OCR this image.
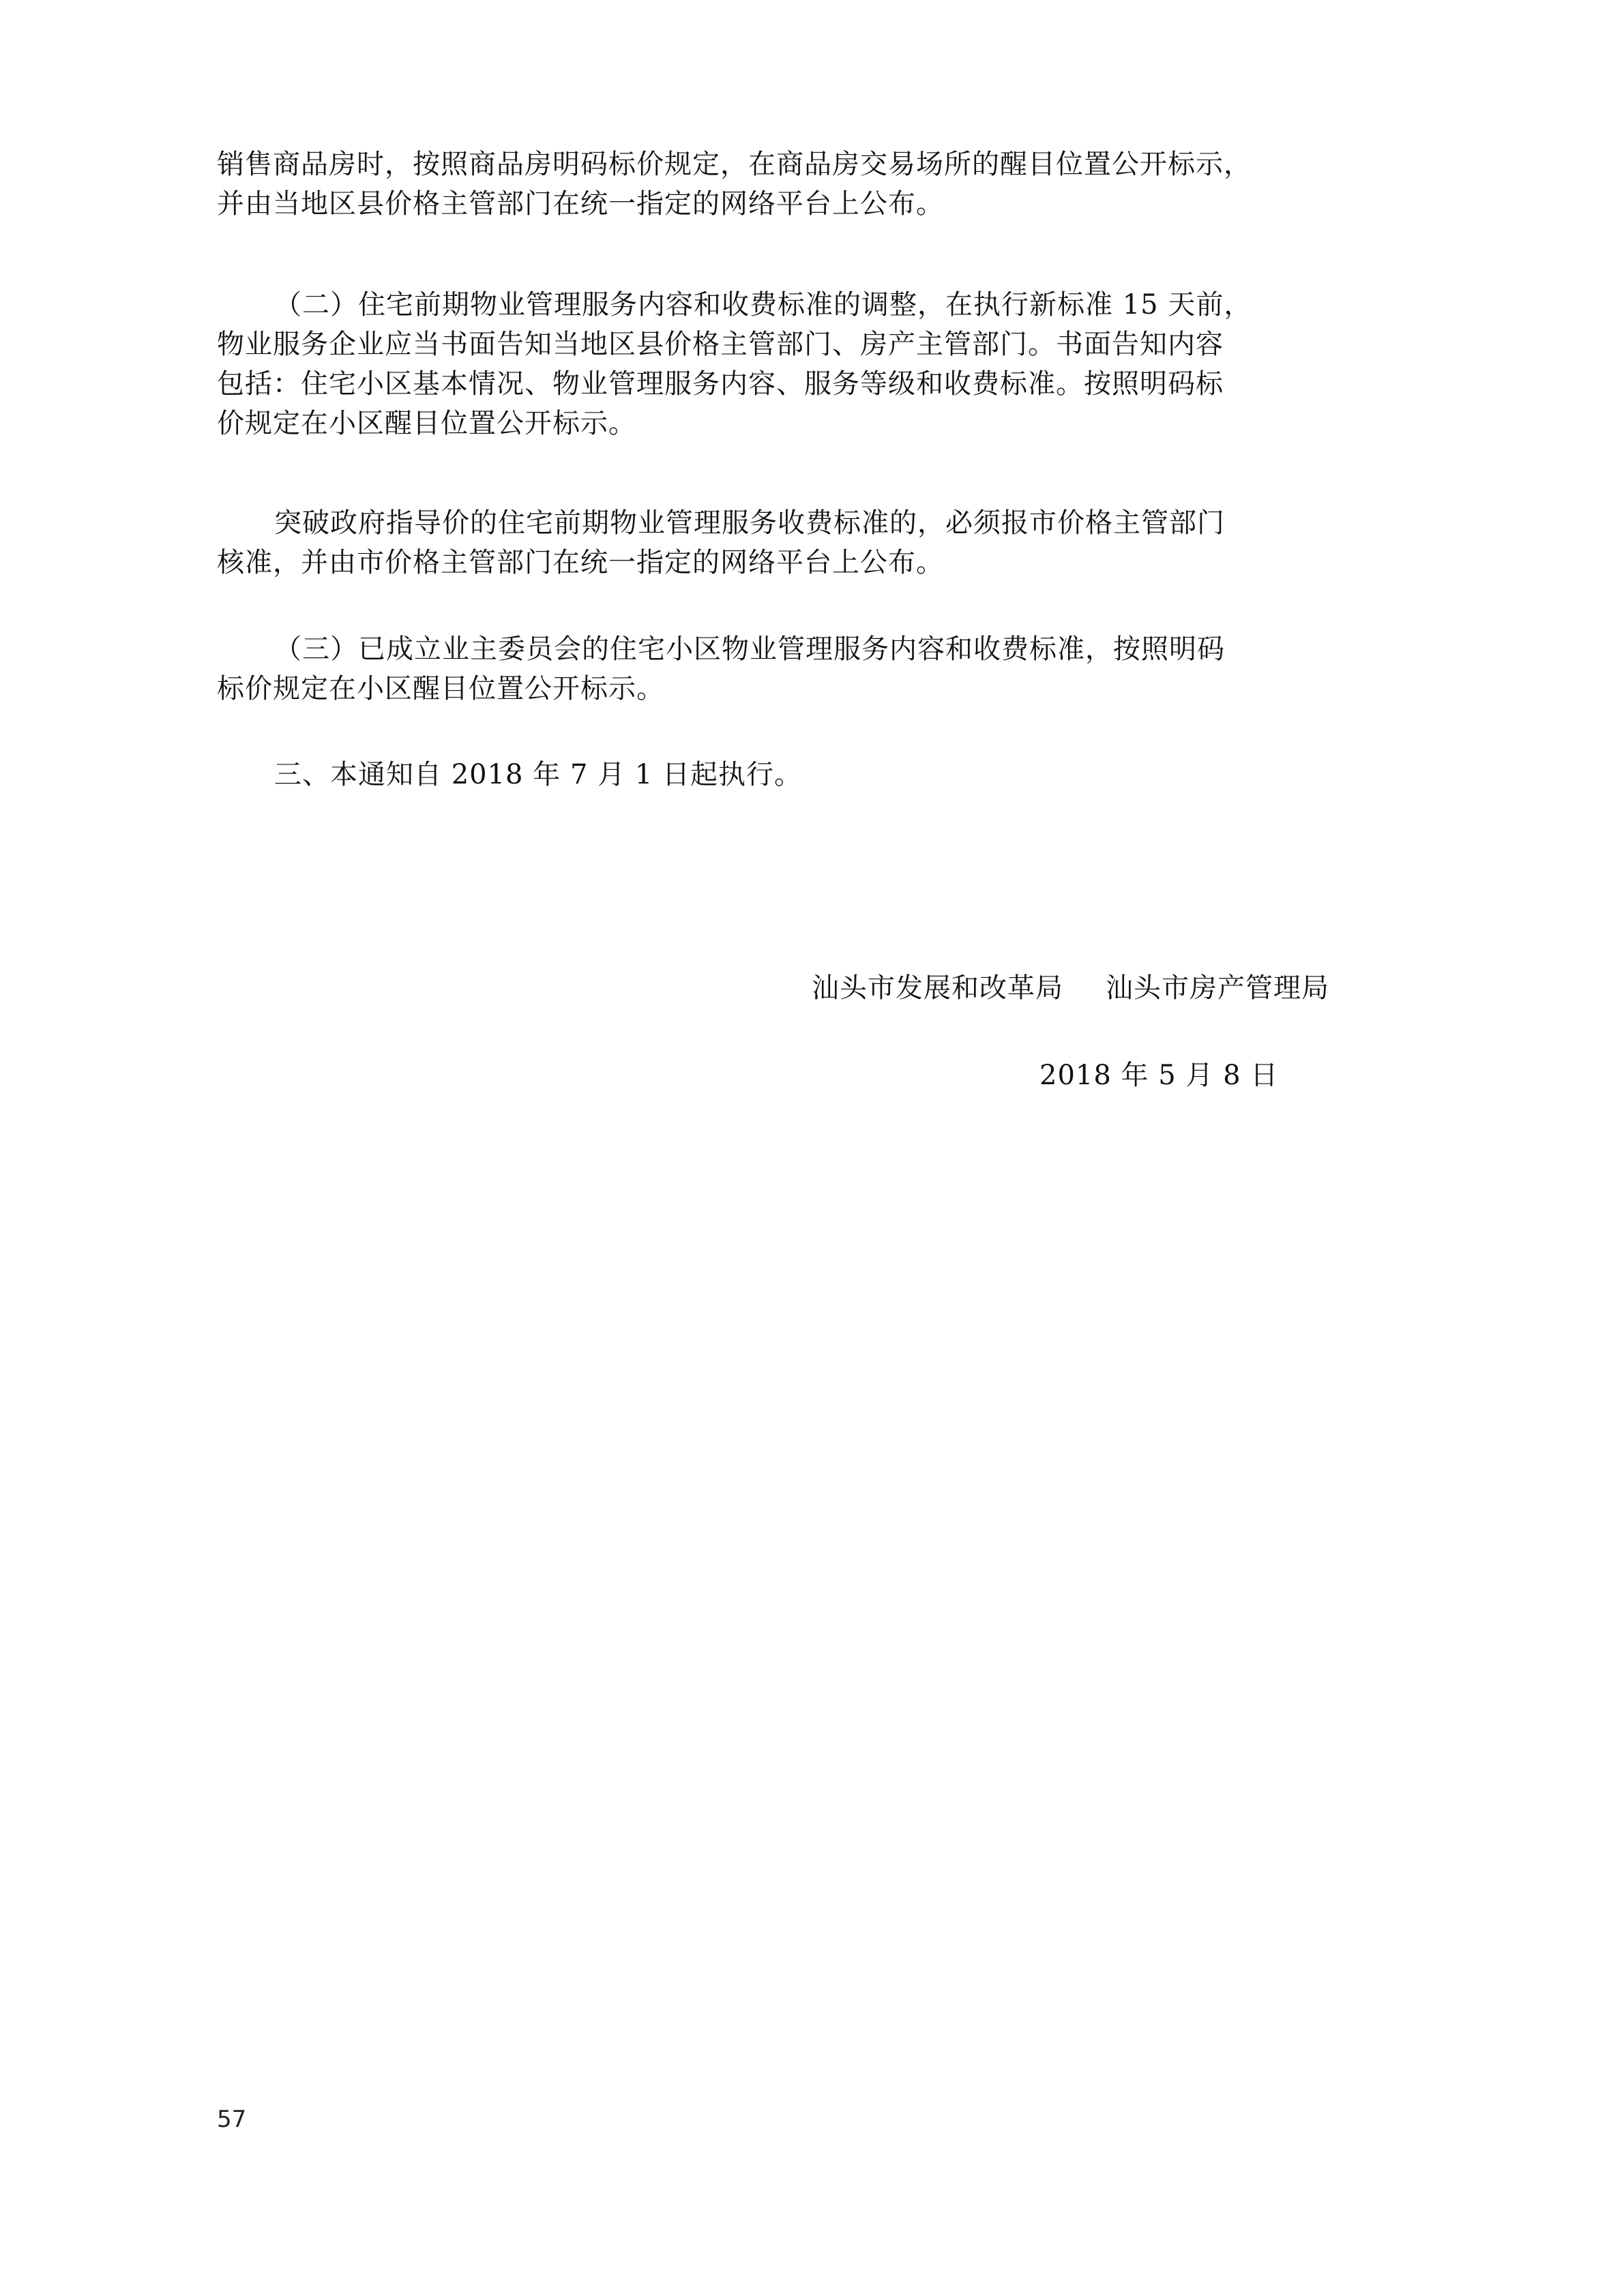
销售商品房时，按照商品房明码标价规定，在商品房交易场所的醒目位置公开标示，
并由当地区县价格主管部门在统一指定的网络平台上公布。

（二）住宅前期物业管理服务内容和收费标准的调整，在执行新标准 15 天前，
物业服务企业应当书面告知当地区县价格主管部门、房产主管部门。书面告知内容
包括：住宅小区基本情况、物业管理服务内容、服务等级和收费标准。按照明码标
价规定在小区醒目位置公开标示。

突破政府指导价的住宅前期物业管理服务收费标准的，必须报市价格主管部门
核准，并由市价格主管部门在统一指定的网络平台上公布。

（三）已成立业主委员会的住宅小区物业管理服务内容和收费标准，按照明码
标价规定在小区醒目位置公开标示。

三、本通知自 2018 年 7 月 1 日起执行。

汕头市发展和改革局 汕头市房产管理局
2018 年 5 月 8 日
57
